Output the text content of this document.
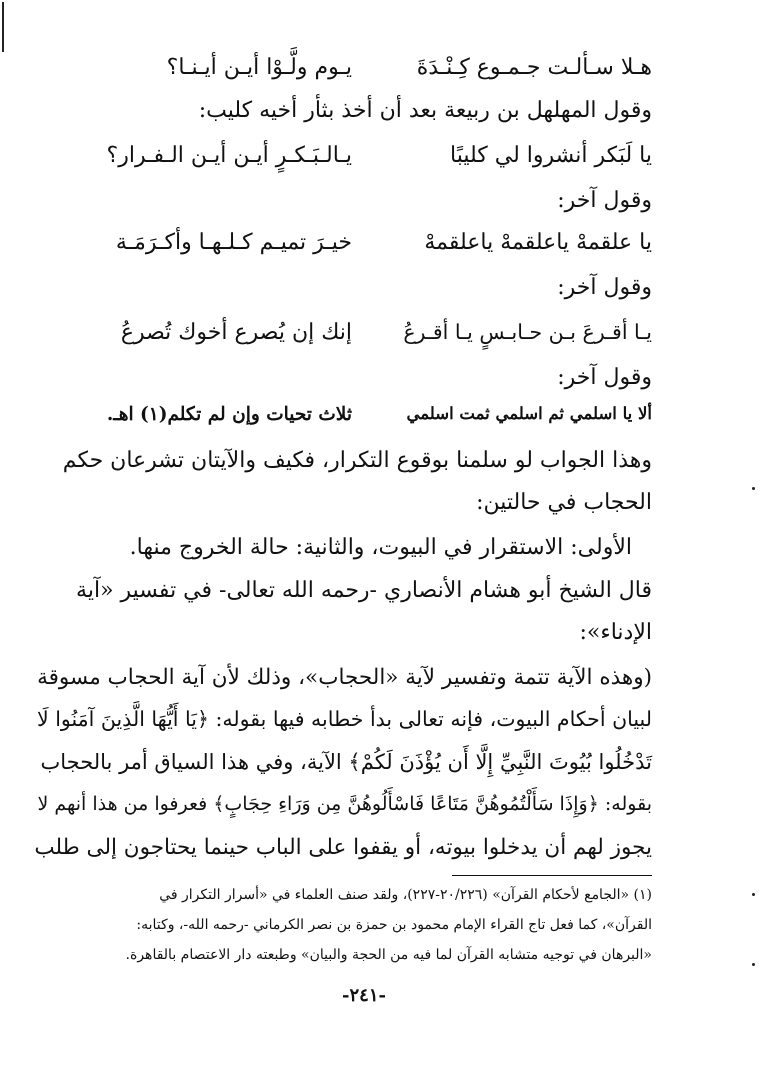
هـلا سـألـت جـمـوع كِـنْـدَةَ
يـوم ولَّـوْا أيـن أيـنـا؟
وقول المهلهل بن ربيعة بعد أن أخذ بثأر أخيه كليب:
يا لَبَكر أنشروا لي كليبًا
يـالـبَـكـرٍ أيـن أيـن الـفـرار؟
وقول آخر:
يا علقمهْ ياعلقمهْ ياعلقمهْ
خيـرَ تميـم كـلـهـا وأكـرَمَـة
وقول آخر:
يـا أقـرعَ بـن حـابـسٍ يـا أقـرعُ
إنك إن يُصرع أخوك تُصرعُ
وقول آخر:
ألا يا اسلمي ثم اسلمي ثمت اسلمي
ثلاث تحيات وإن لم تكلم(١) اهـ.
وهذا الجواب لو سلمنا بوقوع التكرار، فكيف والآيتان تشرعان حكم
الحجاب في حالتين:
الأولى: الاستقرار في البيوت، والثانية: حالة الخروج منها.
قال الشيخ أبو هشام الأنصاري -رحمه الله تعالى- في تفسير «آية
الإدناء»:
(وهذه الآية تتمة وتفسير لآية «الحجاب»، وذلك لأن آية الحجاب مسوقة
لبيان أحكام البيوت، فإنه تعالى بدأ خطابه فيها بقوله: ﴿يَا أَيُّهَا الَّذِينَ آمَنُوا لَا
تَدْخُلُوا بُيُوتَ النَّبِيِّ إِلَّا أَن يُؤْذَنَ لَكُمْ﴾ الآية، وفي هذا السياق أمر بالحجاب
بقوله: ﴿وَإِذَا سَأَلْتُمُوهُنَّ مَتَاعًا فَاسْأَلُوهُنَّ مِن وَرَاءِ حِجَابٍ﴾ فعرفوا من هذا أنهم لا
يجوز لهم أن يدخلوا بيوته، أو يقفوا على الباب حينما يحتاجون إلى طلب
(١) «الجامع لأحكام القرآن» (٢٠/٢٢٦-٢٢٧)، ولقد صنف العلماء في «أسرار التكرار في
القرآن»، كما فعل تاج القراء الإمام محمود بن حمزة بن نصر الكرماني -رحمه الله-، وكتابه:
«البرهان في توجيه متشابه القرآن لما فيه من الحجة والبيان» وطبعته دار الاعتصام بالقاهرة.
-٢٤١-
